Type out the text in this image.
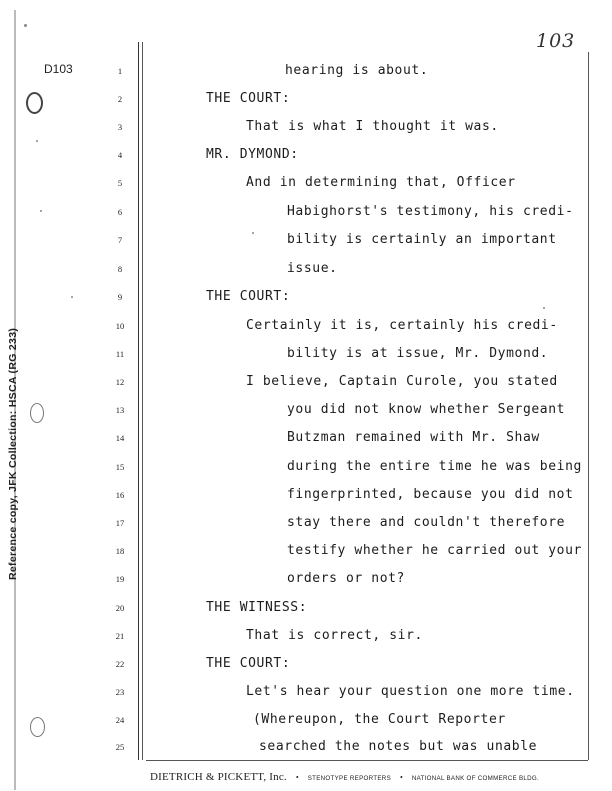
103
D103
Reference copy, JFK Collection: HSCA (RG 233)
1
2
3
4
5
6
7
8
9
10
11
12
13
14
15
16
17
18
19
20
21
22
23
24
25
hearing is about.
THE COURT:
That is what I thought it was.
MR. DYMOND:
And in determining that, Officer
Habighorst's testimony, his credi-
bility is certainly an important
issue.
THE COURT:
Certainly it is, certainly his credi-
bility is at issue, Mr. Dymond.
I believe, Captain Curole, you stated
you did not know whether Sergeant
Butzman remained with Mr. Shaw
during the entire time he was being
fingerprinted, because you did not
stay there and couldn't therefore
testify whether he carried out your
orders or not?
THE WITNESS:
That is correct, sir.
THE COURT:
Let's hear your question one more time.
(Whereupon, the Court Reporter
searched the notes but was unable
DIETRICH & PICKETT, Inc. • STENOTYPE REPORTERS • NATIONAL BANK OF COMMERCE BLDG.
